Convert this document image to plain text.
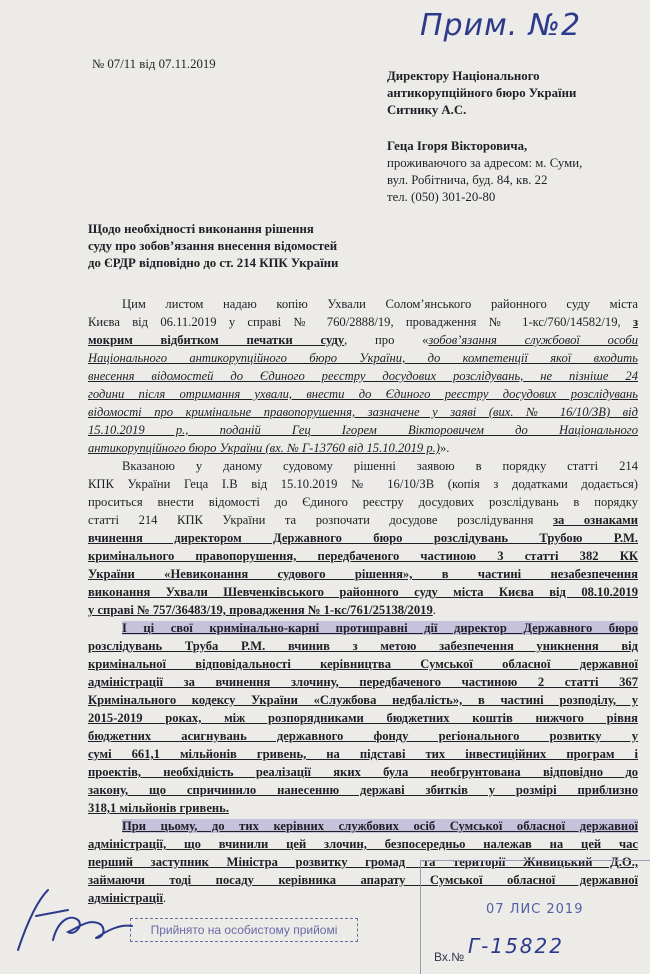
Прим. №2
№ 07/11 від 07.11.2019
Директору Національного
антикорупційного бюро України
Ситнику А.С.
Геца Ігоря Вікторовича,
проживаючого за адресом: м. Суми,
вул. Робітнича, буд. 84, кв. 22
тел. (050) 301-20-80
Щодо необхідності виконання рішення
суду про зобов’язання внесення відомостей
до ЄРДР відповідно до ст. 214 КПК України
Цим листом надаю копію Ухвали Солом’янського районного суду міста
Києва від 06.11.2019 у справі № 760/2888/19, провадження № 1-кс/760/14582/19, з
мокрим відбитком печатки суду, про «зобов’язання службової особи
Національного антикорупційного бюро України, до компетенції якої входить
внесення відомостей до Єдиного реєстру досудових розслідувань, не пізніше 24
години після отримання ухвали, внести до Єдиного реєстру досудових розслідувань
відомості про кримінальне правопорушення, зазначене у заяві (вих. № 16/10/ЗВ) від
15.10.2019 р., поданій Гец Ігорем Вікторовичем до Національного
антикорупційного бюро України (вх. № Г-13760 від 15.10.2019 р.)».
Вказаною у даному судовому рішенні заявою в порядку статті 214
КПК України Геца І.В від 15.10.2019 № 16/10/ЗВ (копія з додатками додається)
проситься внести відомості до Єдиного реєстру досудових розслідувань в порядку
статті 214 КПК України та розпочати досудове розслідування за ознаками
вчинення директором Державного бюро розслідувань Трубою Р.М.
кримінального правопорушення, передбаченого частиною 3 статті 382 КК
України «Невиконання судового рішення», в частині незабезпечення
виконання Ухвали Шевченківського районного суду міста Києва від 08.10.2019
у справі № 757/36483/19, провадження № 1-кс/761/25138/2019.
І ці свої кримінально-карні протиправні дії директор Державного бюро
розслідувань Труба Р.М. вчинив з метою забезпечення уникнення від
кримінальної відповідальності керівництва Сумської обласної державної
адміністрації за вчинення злочину, передбаченого частиною 2 статті 367
Кримінального кодексу України «Службова недбалість», в частині розподілу, у
2015-2019 роках, між розпорядниками бюджетних коштів нижчого рівня
бюджетних асигнувань державного фонду регіонального розвитку у
сумі 661,1 мільйонів гривень, на підставі тих інвестиційних програм і
проектів, необхідність реалізації яких була необгрунтована відповідно до
закону, що спричинило нанесенню державі збитків у розмірі приблизно
318,1 мільйонів гривень.
При цьому, до тих керівних службових осіб Сумської обласної державної
адміністрації, що вчинили цей злочин, безпосередньо належав на цей час
перший заступник Міністра розвитку громад та території Живицький Д.О.,
займаючи тоді посаду керівника апарату Сумської обласної державної
адміністрації.
07 ЛИС 2019
Прийнято на особистому прийомі
Вх.№ Г-15822
